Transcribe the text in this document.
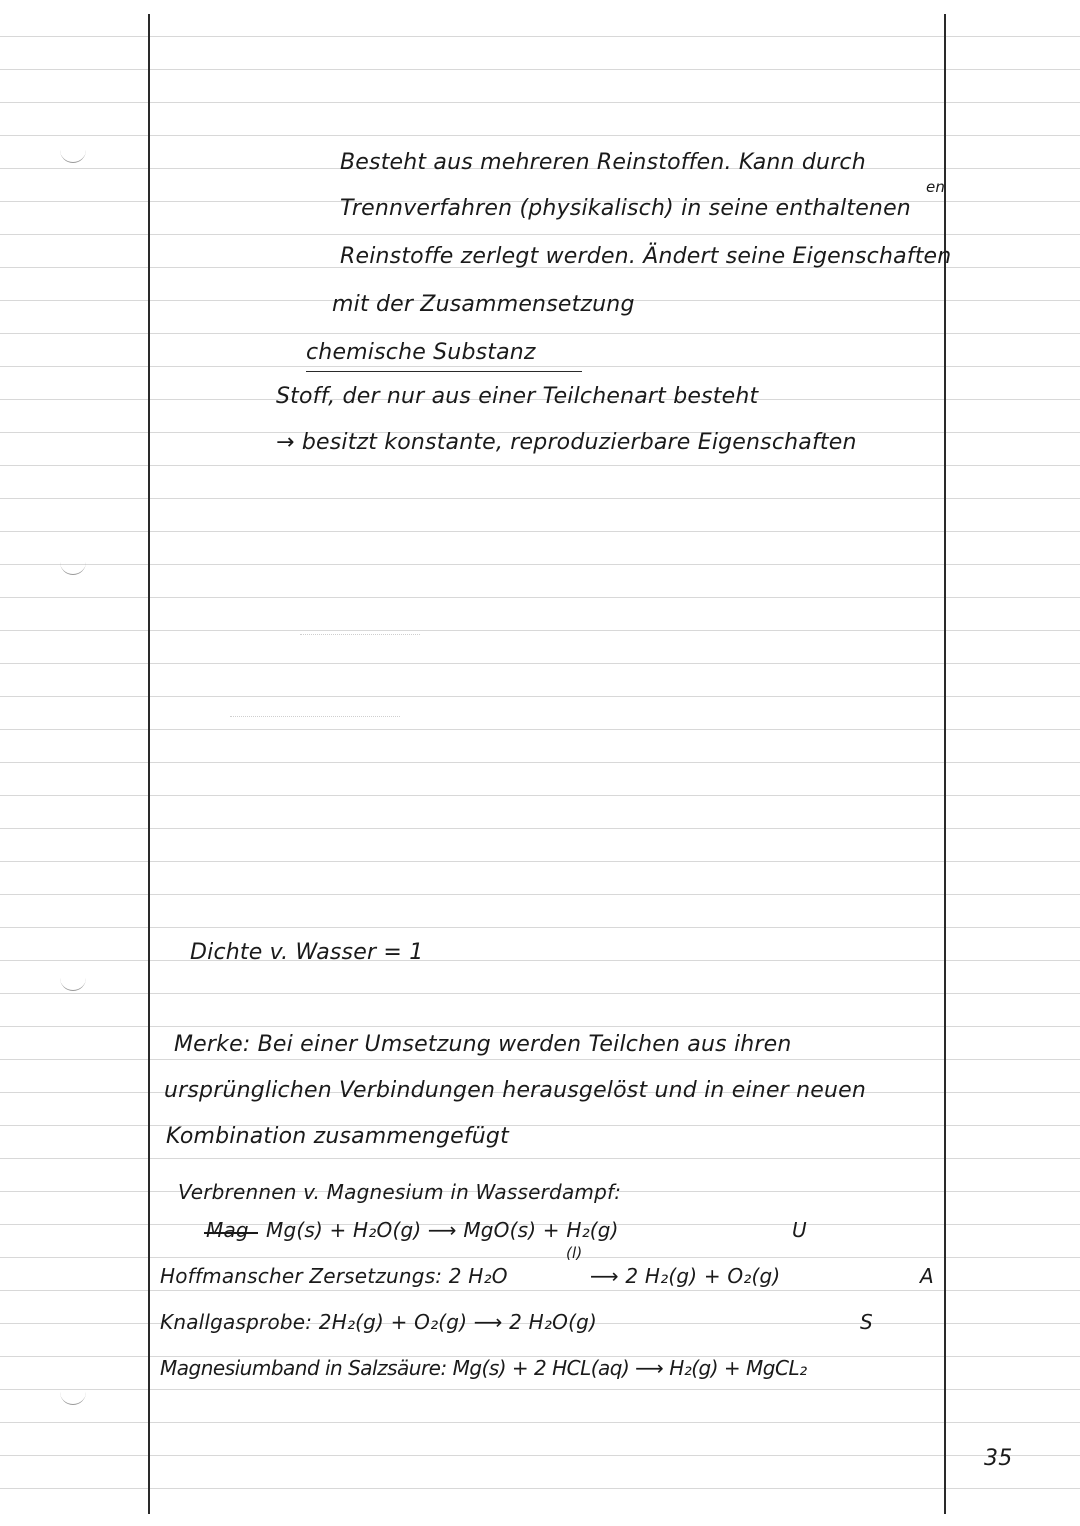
Besteht aus mehreren Reinstoffen. Kann durch
Trennverfahren (physikalisch) in seine enthaltenen
en
Reinstoffe zerlegt werden. Ändert seine Eigenschaften
mit der Zusammensetzung
chemische Substanz
Stoff, der nur aus einer Teilchenart besteht
→ besitzt konstante, reproduzierbare Eigenschaften
Dichte v. Wasser = 1
Merke: Bei einer Umsetzung werden Teilchen aus ihren
ursprünglichen Verbindungen herausgelöst und in einer neuen
Kombination zusammengefügt
Verbrennen v. Magnesium in Wasserdampf:
Mag Mg(s) + H₂O(g) ⟶ MgO(s) + H₂(g)	U
Hoffmanscher Zersetzungs: 2 H₂O
(l)
⟶ 2 H₂(g) + O₂(g)	A
Knallgasprobe: 2H₂(g) + O₂(g) ⟶ 2 H₂O(g)	S
Magnesiumband in Salzsäure: Mg(s) + 2 HCL(aq) ⟶ H₂(g) + MgCL₂
35
